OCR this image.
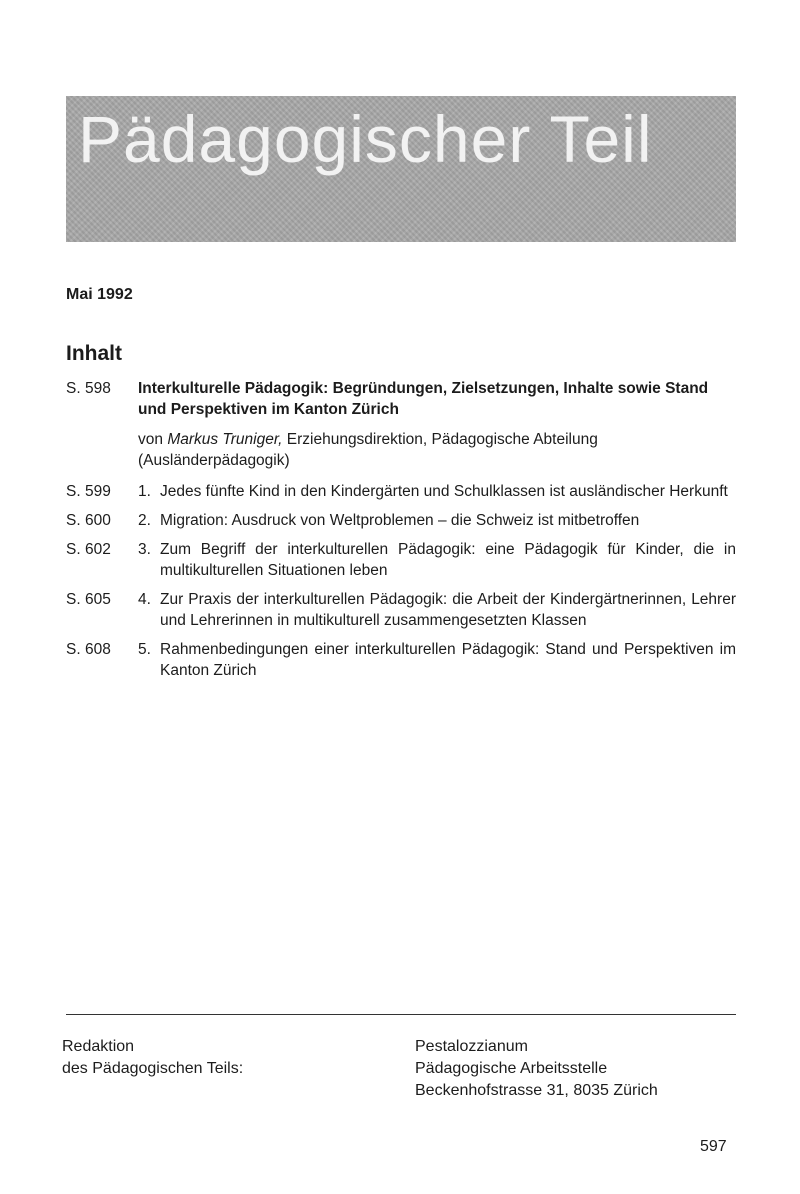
Pädagogischer Teil
Mai 1992
Inhalt
S. 598 Interkulturelle Pädagogik: Begründungen, Zielsetzungen, Inhalte sowie Stand und Perspektiven im Kanton Zürich
von Markus Truniger, Erziehungsdirektion, Pädagogische Abteilung (Ausländerpädagogik)
S. 599 1. Jedes fünfte Kind in den Kindergärten und Schulklassen ist ausländischer Herkunft
S. 600 2. Migration: Ausdruck von Weltproblemen – die Schweiz ist mitbetroffen
S. 602 3. Zum Begriff der interkulturellen Pädagogik: eine Pädagogik für Kinder, die in multikulturellen Situationen leben
S. 605 4. Zur Praxis der interkulturellen Pädagogik: die Arbeit der Kindergärtnerinnen, Lehrer und Lehrerinnen in multikulturell zusammengesetzten Klassen
S. 608 5. Rahmenbedingungen einer interkulturellen Pädagogik: Stand und Perspektiven im Kanton Zürich
Redaktion
des Pädagogischen Teils:
Pestalozzianum
Pädagogische Arbeitsstelle
Beckenhofstrasse 31, 8035 Zürich
597
